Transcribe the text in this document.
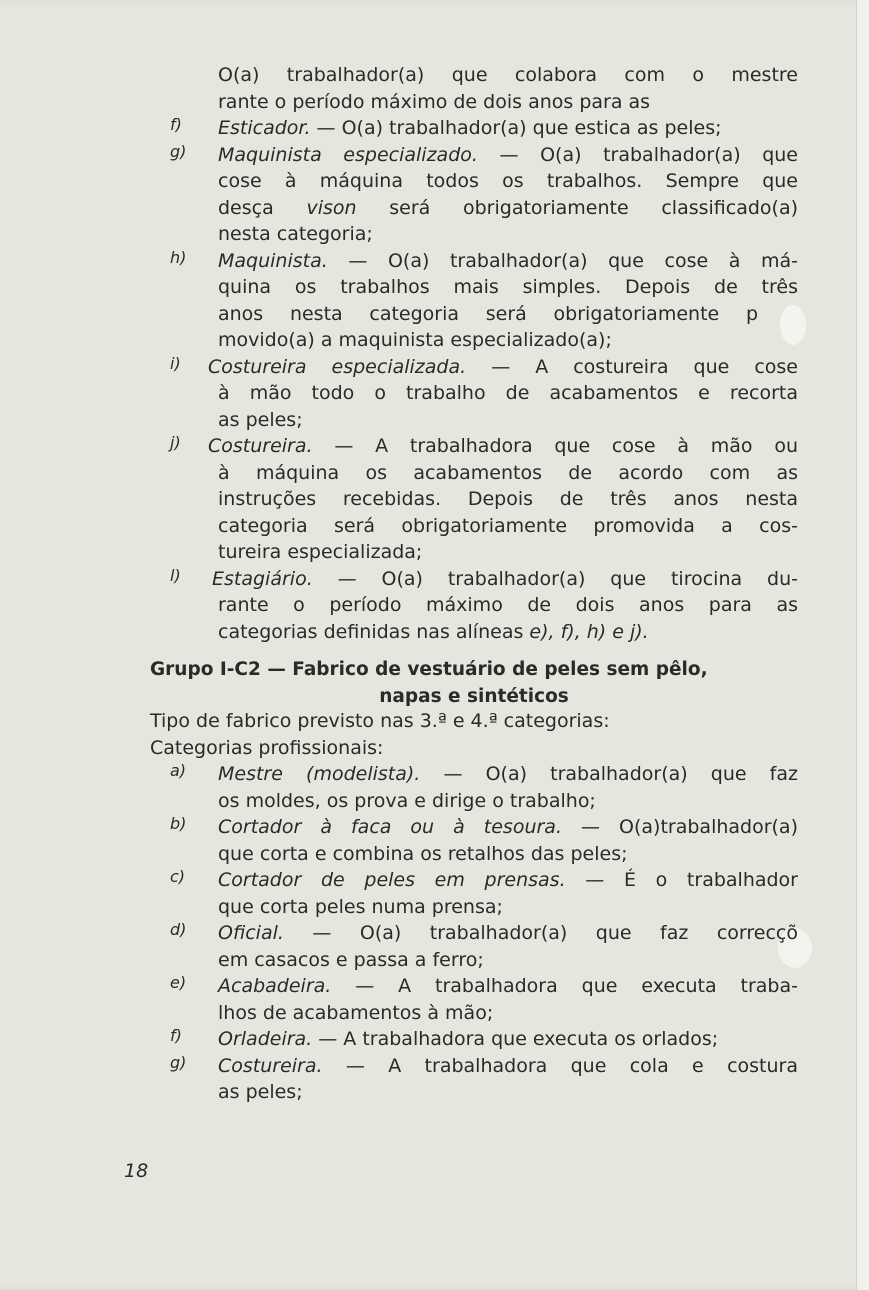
O(a) trabalhador(a) que colabora com o mestre
rante o período máximo de dois anos para as
f)	Esticador. — O(a) trabalhador(a) que estica as peles;
g)	Maquinista especializado. — O(a) trabalhador(a) que
cose à máquina todos os trabalhos. Sempre que
desça vison será obrigatoriamente classificado(a)
nesta categoria;
h)	Maquinista. — O(a) trabalhador(a) que cose à má-
quina os trabalhos mais simples. Depois de três
anos nesta categoria será obrigatoriamente p
movido(a) a maquinista especializado(a);
i)	Costureira especializada. — A costureira que cose
à mão todo o trabalho de acabamentos e recorta
as peles;
j)	Costureira. — A trabalhadora que cose à mão ou
à máquina os acabamentos de acordo com as
instruções recebidas. Depois de três anos nesta
categoria será obrigatoriamente promovida a cos-
tureira especializada;
l)	Estagiário. — O(a) trabalhador(a) que tirocina du-
rante o período máximo de dois anos para as
categorias definidas nas alíneas e), f), h) e j).
Grupo I-C2 — Fabrico de vestuário de peles sem pêlo,
napas e sintéticos
Tipo de fabrico previsto nas 3.ª e 4.ª categorias:
Categorias profissionais:
a)	Mestre (modelista). — O(a) trabalhador(a) que faz
os moldes, os prova e dirige o trabalho;
b)	Cortador à faca ou à tesoura. — O(a)trabalhador(a)
que corta e combina os retalhos das peles;
c)	Cortador de peles em prensas. — É o trabalhador
que corta peles numa prensa;
d)	Oficial. — O(a) trabalhador(a) que faz correcçõ
em casacos e passa a ferro;
e)	Acabadeira. — A trabalhadora que executa traba-
lhos de acabamentos à mão;
f)	Orladeira. — A trabalhadora que executa os orlados;
g)	Costureira. — A trabalhadora que cola e costura
as peles;
18
